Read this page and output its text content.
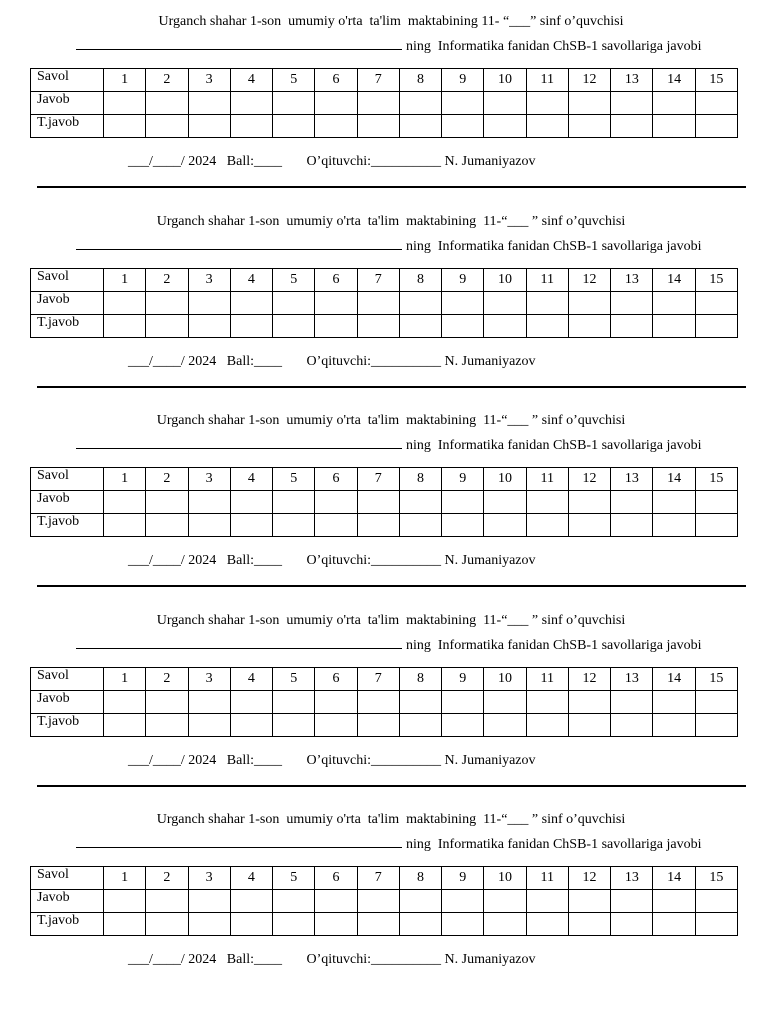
Urganch shahar 1-son  umumiy o'rta  ta'lim  maktabining 11- “___” sinf o’quvchisi
ning  Informatika fanidan ChSB-1 savollariga javobi
Savol	1	2	3	4	5	6	7	8	9	10	11	12	13	14	15
Javob															
T.javob															
___/____/ 2024   Ball:____       O’qituvchi:__________ N. Jumaniyazov
Urganch shahar 1-son  umumiy o'rta  ta'lim  maktabining  11-“___ ” sinf o’quvchisi
ning  Informatika fanidan ChSB-1 savollariga javobi
Savol	1	2	3	4	5	6	7	8	9	10	11	12	13	14	15
Javob															
T.javob															
___/____/ 2024   Ball:____       O’qituvchi:__________ N. Jumaniyazov
Urganch shahar 1-son  umumiy o'rta  ta'lim  maktabining  11-“___ ” sinf o’quvchisi
ning  Informatika fanidan ChSB-1 savollariga javobi
Savol	1	2	3	4	5	6	7	8	9	10	11	12	13	14	15
Javob															
T.javob															
___/____/ 2024   Ball:____       O’qituvchi:__________ N. Jumaniyazov
Urganch shahar 1-son  umumiy o'rta  ta'lim  maktabining  11-“___ ” sinf o’quvchisi
ning  Informatika fanidan ChSB-1 savollariga javobi
Savol	1	2	3	4	5	6	7	8	9	10	11	12	13	14	15
Javob															
T.javob															
___/____/ 2024   Ball:____       O’qituvchi:__________ N. Jumaniyazov
Urganch shahar 1-son  umumiy o'rta  ta'lim  maktabining  11-“___ ” sinf o’quvchisi
ning  Informatika fanidan ChSB-1 savollariga javobi
Savol	1	2	3	4	5	6	7	8	9	10	11	12	13	14	15
Javob															
T.javob															
___/____/ 2024   Ball:____       O’qituvchi:__________ N. Jumaniyazov
